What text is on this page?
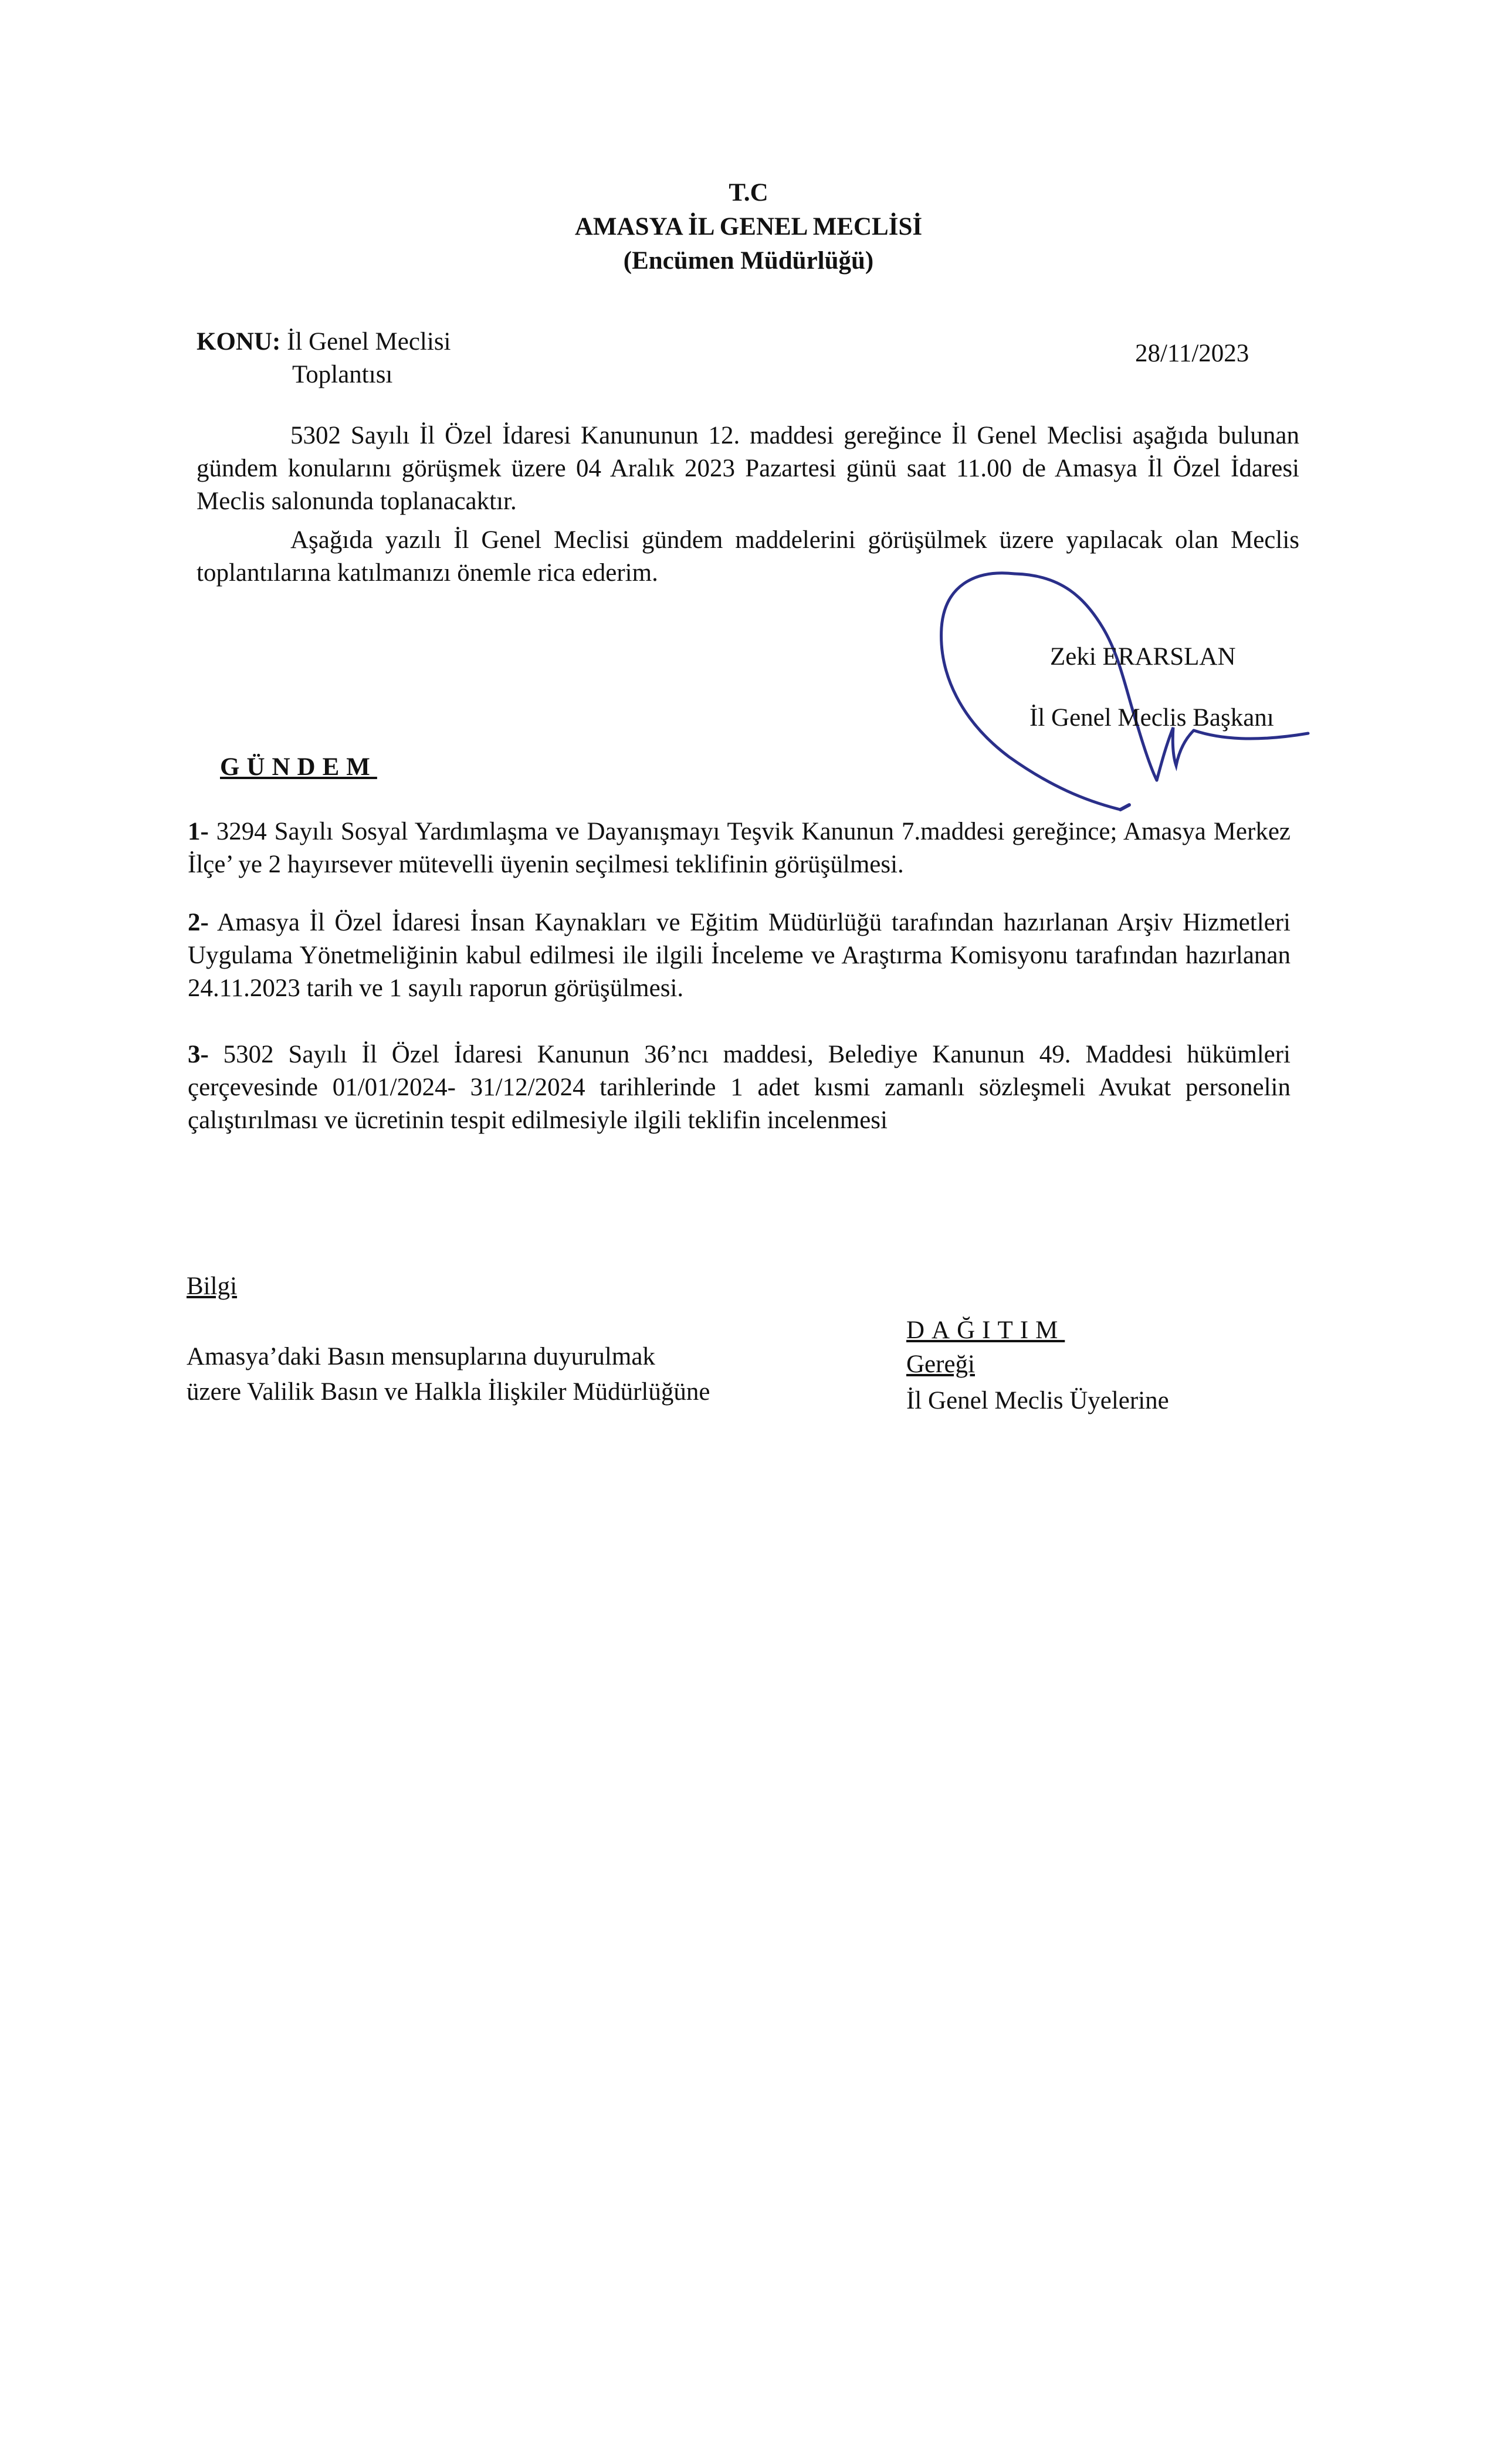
T.C
AMASYA İL GENEL MECLİSİ
(Encümen Müdürlüğü)
KONU: İl Genel Meclisi
Toplantısı
28/11/2023
5302 Sayılı İl Özel İdaresi Kanununun 12. maddesi gereğince İl Genel Meclisi aşağıda bulunan gündem konularını görüşmek üzere 04 Aralık 2023 Pazartesi günü saat 11.00 de Amasya İl Özel İdaresi Meclis salonunda toplanacaktır.
Aşağıda yazılı İl Genel Meclisi gündem maddelerini görüşülmek üzere yapılacak olan Meclis toplantılarına katılmanızı önemle rica ederim.
Zeki ERARSLAN
İl Genel Meclis Başkanı
GÜNDEM
1- 3294 Sayılı Sosyal Yardımlaşma ve Dayanışmayı Teşvik Kanunun 7.maddesi gereğince; Amasya Merkez İlçe’ ye 2 hayırsever mütevelli üyenin seçilmesi teklifinin görüşülmesi.
2- Amasya İl Özel İdaresi İnsan Kaynakları ve Eğitim Müdürlüğü tarafından hazırlanan Arşiv Hizmetleri Uygulama Yönetmeliğinin kabul edilmesi ile ilgili İnceleme ve Araştırma Komisyonu tarafından hazırlanan 24.11.2023 tarih ve 1 sayılı raporun görüşülmesi.
3- 5302 Sayılı İl Özel İdaresi Kanunun 36’ncı maddesi, Belediye Kanunun 49. Maddesi hükümleri çerçevesinde 01/01/2024- 31/12/2024 tarihlerinde 1 adet kısmi zamanlı sözleşmeli Avukat personelin çalıştırılması ve ücretinin tespit edilmesiyle ilgili teklifin incelenmesi
Bilgi
Amasya’daki Basın mensuplarına duyurulmak
üzere Valilik Basın ve Halkla İlişkiler Müdürlüğüne
DAĞITIM
Gereği
İl Genel Meclis Üyelerine
